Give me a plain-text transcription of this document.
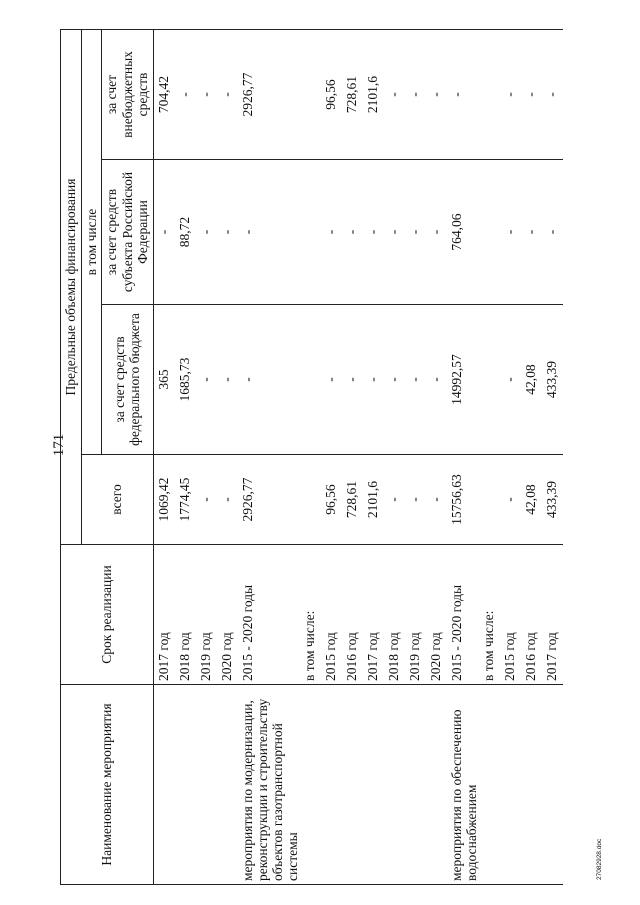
171
27082928.doc
Наименование мероприятия	Срок реализации	Предельные объемы финансирования			
		всего	в том числе		
			за счет средств федерального бюджета	за счет средств субъекта Российской Федерации	за счет внебюджетных средств
	2017 год	1069,42	365	-	704,42
	2018 год	1774,45	1685,73	88,72	-
	2019 год	-	-	-	-
	2020 год	-	-	-	-
мероприятия по модернизации, реконструкции и строительству объектов газотранспортной системы	2015 - 2020 годы	2926,77	-	-	2926,77
	в том числе:				
	2015 год	96,56	-	-	96,56
	2016 год	728,61	-	-	728,61
	2017 год	2101,6	-	-	2101,6
	2018 год	-	-	-	-
	2019 год	-	-	-	-
	2020 год	-	-	-	-
мероприятия по обеспечению водоснабжением	2015 - 2020 годы	15756,63	14992,57	764,06	-
	в том числе:				
	2015 год	-	-	-	-
	2016 год	42,08	42,08	-	-
	2017 год	433,39	433,39	-	-
